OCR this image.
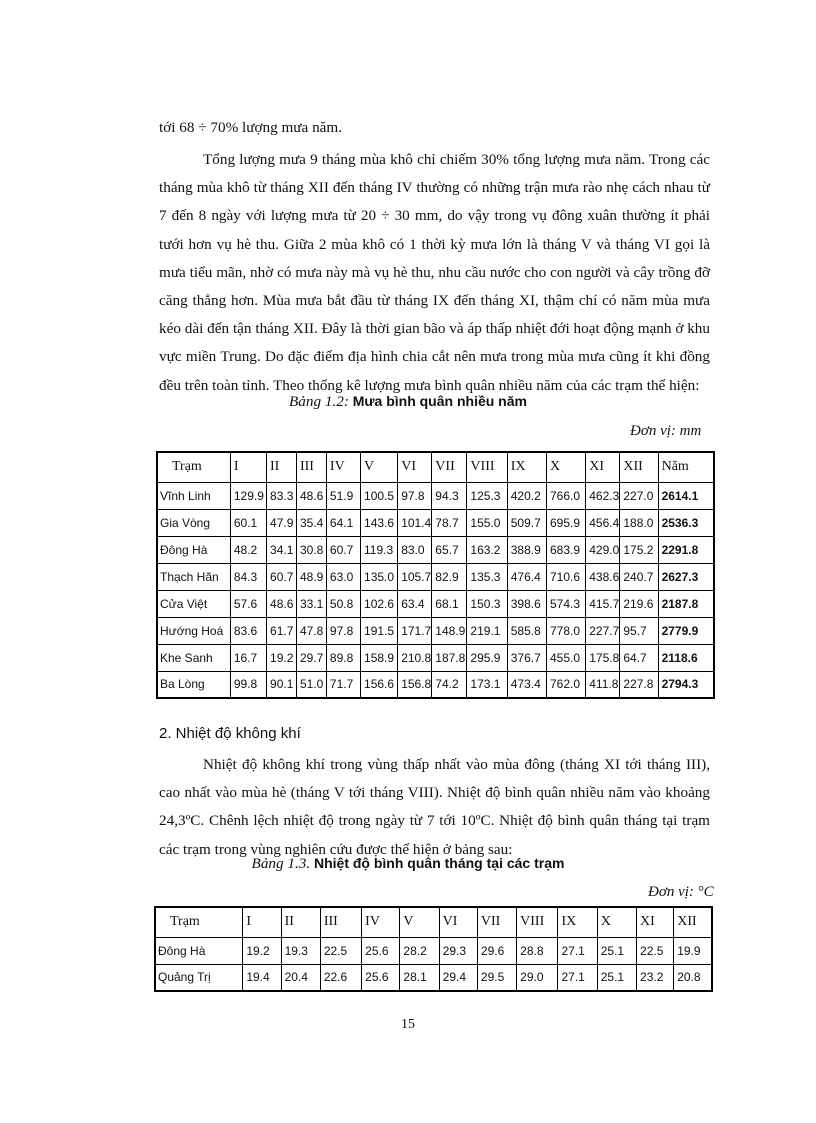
tới 68 ÷ 70% lượng mưa năm.

Tổng lượng mưa 9 tháng mùa khô chỉ chiếm 30% tổng lượng mưa năm. Trong các tháng mùa khô từ tháng XII đến tháng IV thường có những trận mưa rào nhẹ cách nhau từ 7 đến 8 ngày với lượng mưa từ 20 ÷ 30 mm, do vậy trong vụ đông xuân thường ít phải tưới hơn vụ hè thu. Giữa 2 mùa khô có 1 thời kỳ mưa lớn là tháng V và tháng VI gọi là mưa tiểu mãn, nhờ có mưa này mà vụ hè thu, nhu cầu nước cho con người và cây trồng đỡ căng thẳng hơn. Mùa mưa bắt đầu từ tháng IX đến tháng XI, thậm chí có năm mùa mưa kéo dài đến tận tháng XII. Đây là thời gian bão và áp thấp nhiệt đới hoạt động mạnh ở khu vực miền Trung. Do đặc điểm địa hình chia cắt nên mưa trong mùa mưa cũng ít khi đồng đều trên toàn tỉnh. Theo thống kê lượng mưa bình quân nhiều năm của các trạm thể hiện:

Bảng 1.2: Mưa bình quân nhiều năm

Đơn vị: mm

Trạm	I	II	III	IV	V	VI	VII	VIII	IX	X	XI	XII	Năm
Vĩnh Linh	129.9	83.3	48.6	51.9	100.5	97.8	94.3	125.3	420.2	766.0	462.3	227.0	2614.1
Gia Vòng	60.1	47.9	35.4	64.1	143.6	101.4	78.7	155.0	509.7	695.9	456.4	188.0	2536.3
Đông Hà	48.2	34.1	30.8	60.7	119.3	83.0	65.7	163.2	388.9	683.9	429.0	175.2	2291.8
Thạch Hãn	84.3	60.7	48.9	63.0	135.0	105.7	82.9	135.3	476.4	710.6	438.6	240.7	2627.3
Cửa Việt	57.6	48.6	33.1	50.8	102.6	63.4	68.1	150.3	398.6	574.3	415.7	219.6	2187.8
Hướng Hoá	83.6	61.7	47.8	97.8	191.5	171.7	148.9	219.1	585.8	778.0	227.7	95.7	2779.9
Khe Sanh	16.7	19.2	29.7	89.8	158.9	210.8	187.8	295.9	376.7	455.0	175.8	64.7	2118.6
Ba Lòng	99.8	90.1	51.0	71.7	156.6	156.8	74.2	173.1	473.4	762.0	411.8	227.8	2794.3

2. Nhiệt độ không khí

Nhiệt độ không khí trong vùng thấp nhất vào mùa đông (tháng XI tới tháng III), cao nhất vào mùa hè (tháng V tới tháng VIII). Nhiệt độ bình quân nhiều năm vào khoảng 24,3ºC. Chênh lệch nhiệt độ trong ngày từ 7 tới 10ºC. Nhiệt độ bình quân tháng tại trạm các trạm trong vùng nghiên cứu được thể hiện ở bảng sau:

Bảng 1.3. Nhiệt độ bình quân tháng tại các trạm

Đơn vị: °C

Trạm	I	II	III	IV	V	VI	VII	VIII	IX	X	XI	XII
Đông Hà	19.2	19.3	22.5	25.6	28.2	29.3	29.6	28.8	27.1	25.1	22.5	19.9
Quảng Trị	19.4	20.4	22.6	25.6	28.1	29.4	29.5	29.0	27.1	25.1	23.2	20.8

15
